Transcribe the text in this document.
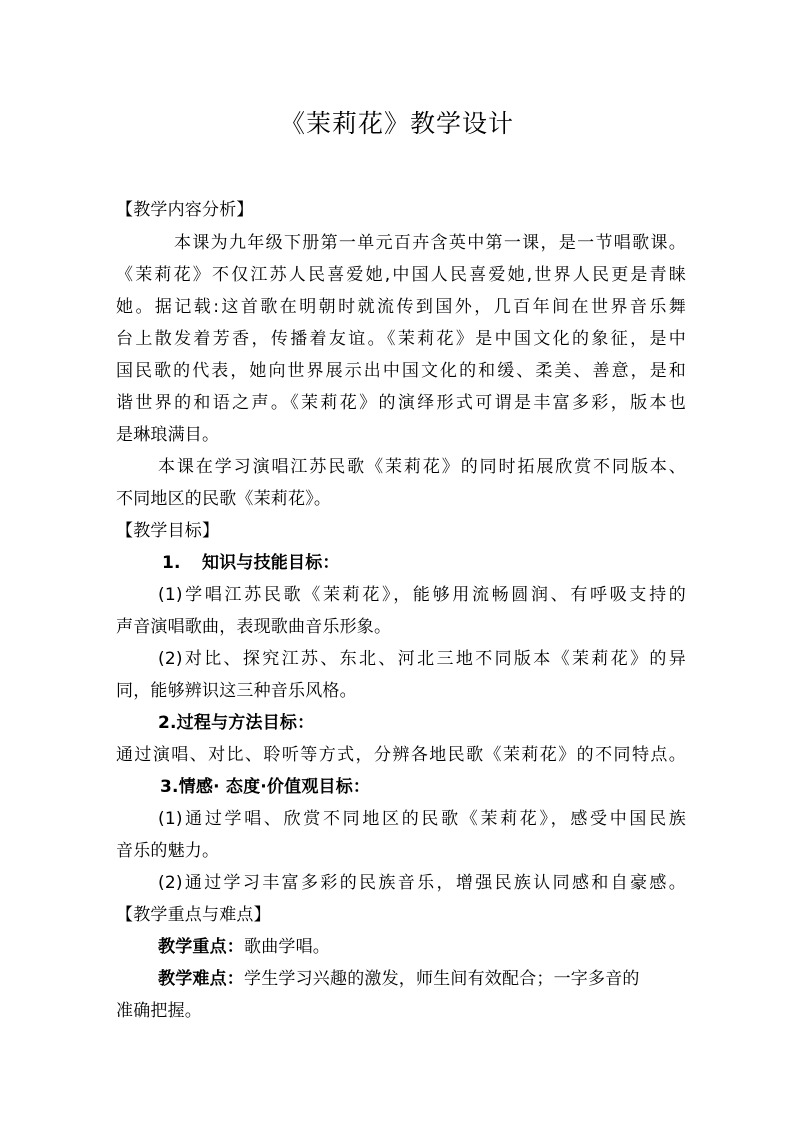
《茉莉花》教学设计
【教学内容分析】
本课为九年级下册第一单元百卉含英中第一课，是一节唱歌课。
《茉莉花》不仅江苏人民喜爱她,中国人民喜爱她,世界人民更是青睐
她。据记载:这首歌在明朝时就流传到国外，几百年间在世界音乐舞
台上散发着芳香，传播着友谊。《茉莉花》是中国文化的象征，是中
国民歌的代表，她向世界展示出中国文化的和缓、柔美、善意，是和
谐世界的和语之声。《茉莉花》的演绎形式可谓是丰富多彩，版本也
是琳琅满目。
本课在学习演唱江苏民歌《茉莉花》的同时拓展欣赏不同版本、
不同地区的民歌《茉莉花》。
【教学目标】
1.	知识与技能目标：
(1)学唱江苏民歌《茉莉花》，能够用流畅圆润、有呼吸支持的
声音演唱歌曲，表现歌曲音乐形象。
(2)对比、探究江苏、东北、河北三地不同版本《茉莉花》的异
同，能够辨识这三种音乐风格。
2.过程与方法目标：
通过演唱、对比、聆听等方式，分辨各地民歌《茉莉花》的不同特点。
3.情感· 态度·价值观目标：
(1)通过学唱、欣赏不同地区的民歌《茉莉花》，感受中国民族
音乐的魅力。
(2)通过学习丰富多彩的民族音乐，增强民族认同感和自豪感。
【教学重点与难点】
教学重点：歌曲学唱。
教学难点：学生学习兴趣的激发，师生间有效配合；一字多音的
准确把握。
